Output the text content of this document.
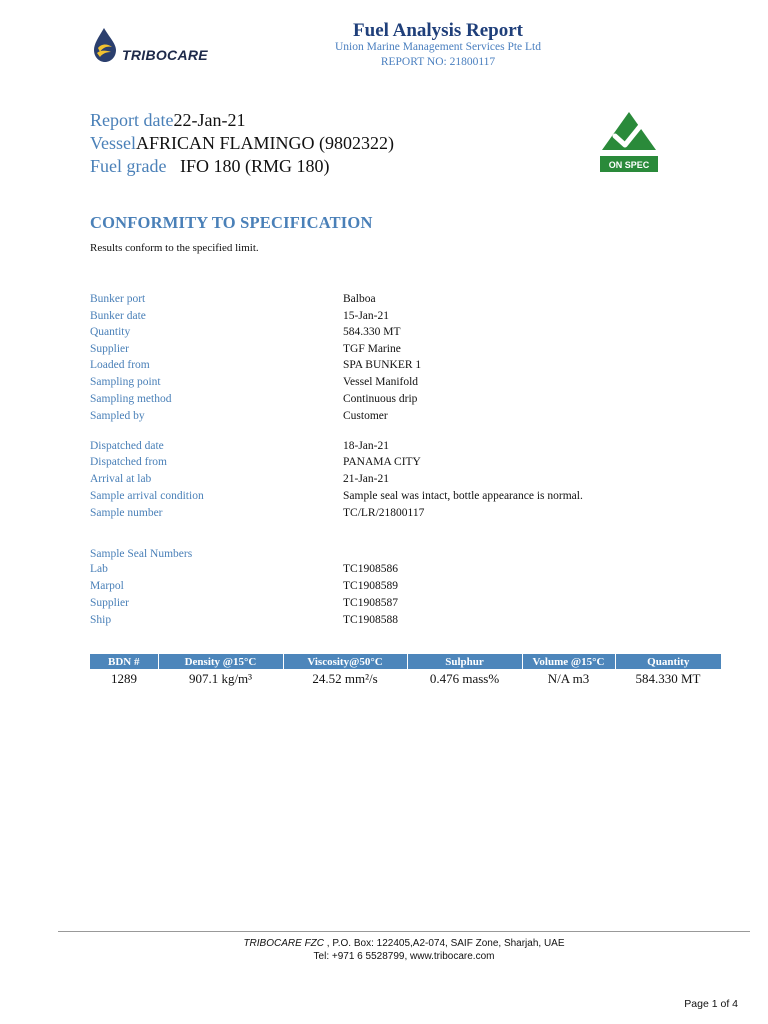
TRIBOCARE
Fuel Analysis Report
Union Marine Management Services Pte Ltd
REPORT NO: 21800117
Report date22-Jan-21
VesselAFRICAN FLAMINGO (9802322)
Fuel grade IFO 180 (RMG 180)	ON SPEC
CONFORMITY TO SPECIFICATION
Results conform to the specified limit.
Bunker port	Balboa
Bunker date	15-Jan-21
Quantity	584.330 MT
Supplier	TGF Marine
Loaded from	SPA BUNKER 1
Sampling point	Vessel Manifold
Sampling method	Continuous drip
Sampled by	Customer
Dispatched date	18-Jan-21
Dispatched from	PANAMA CITY
Arrival at lab	21-Jan-21
Sample arrival condition	Sample seal was intact, bottle appearance is normal.
Sample number	TC/LR/21800117
Sample Seal Numbers
Lab	TC1908586
Marpol	TC1908589
Supplier	TC1908587
Ship	TC1908588
BDN #	Density @15°C	Viscosity@50°C	Sulphur	Volume @15°C	Quantity
1289	907.1 kg/m³	24.52 mm²/s	0.476 mass%	N/A m3	584.330 MT
TRIBOCARE FZC , P.O. Box: 122405,A2-074, SAIF Zone, Sharjah, UAE
Tel: +971 6 5528799, www.tribocare.com
Page 1 of 4
